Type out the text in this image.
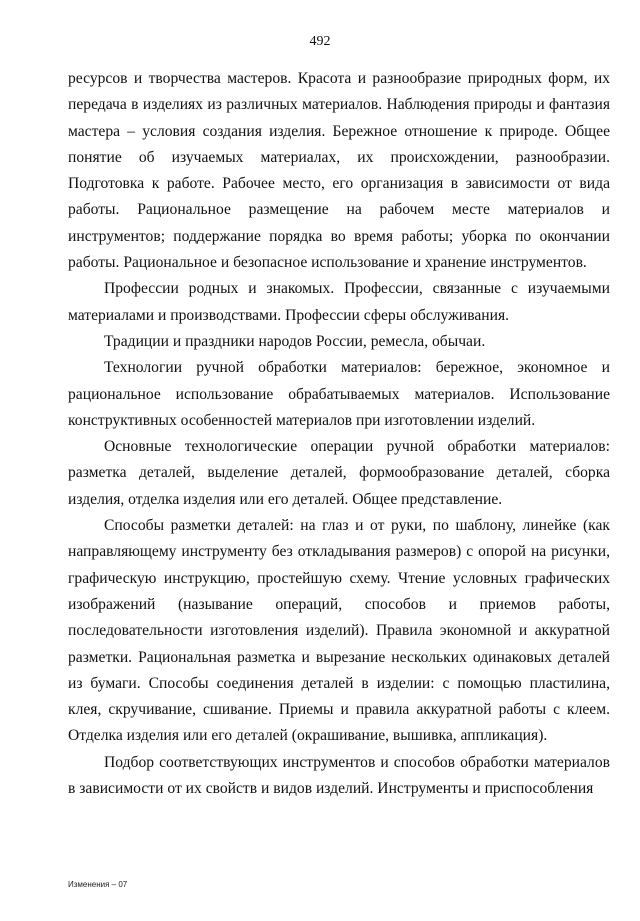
492

ресурсов и творчества мастеров. Красота и разнообразие природных форм, их передача в изделиях из различных материалов. Наблюдения природы и фантазия мастера – условия создания изделия. Бережное отношение к природе. Общее понятие об изучаемых материалах, их происхождении, разнообразии. Подготовка к работе. Рабочее место, его организация в зависимости от вида работы. Рациональное размещение на рабочем месте материалов и инструментов; поддержание порядка во время работы; уборка по окончании работы. Рациональное и безопасное использование и хранение инструментов.

Профессии родных и знакомых. Профессии, связанные с изучаемыми материалами и производствами. Профессии сферы обслуживания.

Традиции и праздники народов России, ремесла, обычаи.

Технологии ручной обработки материалов: бережное, экономное и рациональное использование обрабатываемых материалов. Использование конструктивных особенностей материалов при изготовлении изделий.

Основные технологические операции ручной обработки материалов: разметка деталей, выделение деталей, формообразование деталей, сборка изделия, отделка изделия или его деталей. Общее представление.

Способы разметки деталей: на глаз и от руки, по шаблону, линейке (как направляющему инструменту без откладывания размеров) с опорой на рисунки, графическую инструкцию, простейшую схему. Чтение условных графических изображений (называние операций, способов и приемов работы, последовательности изготовления изделий). Правила экономной и аккуратной разметки. Рациональная разметка и вырезание нескольких одинаковых деталей из бумаги. Способы соединения деталей в изделии: с помощью пластилина, клея, скручивание, сшивание. Приемы и правила аккуратной работы с клеем. Отделка изделия или его деталей (окрашивание, вышивка, аппликация).

Подбор соответствующих инструментов и способов обработки материалов в зависимости от их свойств и видов изделий. Инструменты и приспособления

Изменения – 07
